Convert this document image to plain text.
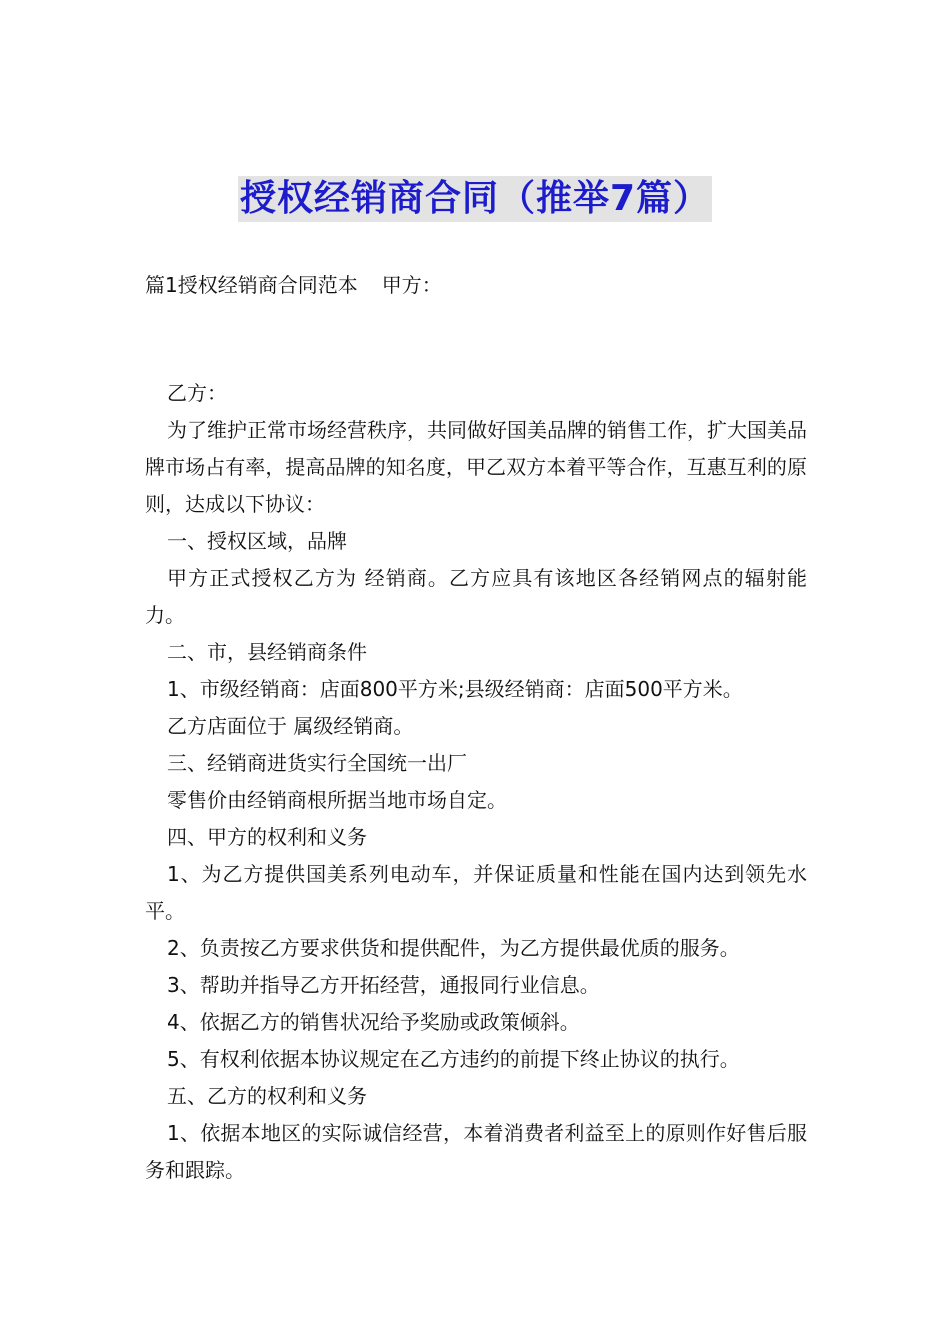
授权经销商合同（推举7篇）
篇1授权经销商合同范本 甲方：

乙方：

为了维护正常市场经营秩序，共同做好国美品牌的销售工作，扩大国美品牌市场占有率，提高品牌的知名度，甲乙双方本着平等合作，互惠互利的原则，达成以下协议：

一、授权区域，品牌

甲方正式授权乙方为 经销商。乙方应具有该地区各经销网点的辐射能力。

二、市，县经销商条件

1、市级经销商：店面800平方米;县级经销商：店面500平方米。

乙方店面位于 属级经销商。

三、经销商进货实行全国统一出厂

零售价由经销商根所据当地市场自定。

四、甲方的权利和义务

1、为乙方提供国美系列电动车，并保证质量和性能在国内达到领先水平。

2、负责按乙方要求供货和提供配件，为乙方提供最优质的服务。

3、帮助并指导乙方开拓经营，通报同行业信息。

4、依据乙方的销售状况给予奖励或政策倾斜。

5、有权利依据本协议规定在乙方违约的前提下终止协议的执行。

五、乙方的权利和义务

1、依据本地区的实际诚信经营，本着消费者利益至上的原则作好售后服务和跟踪。
